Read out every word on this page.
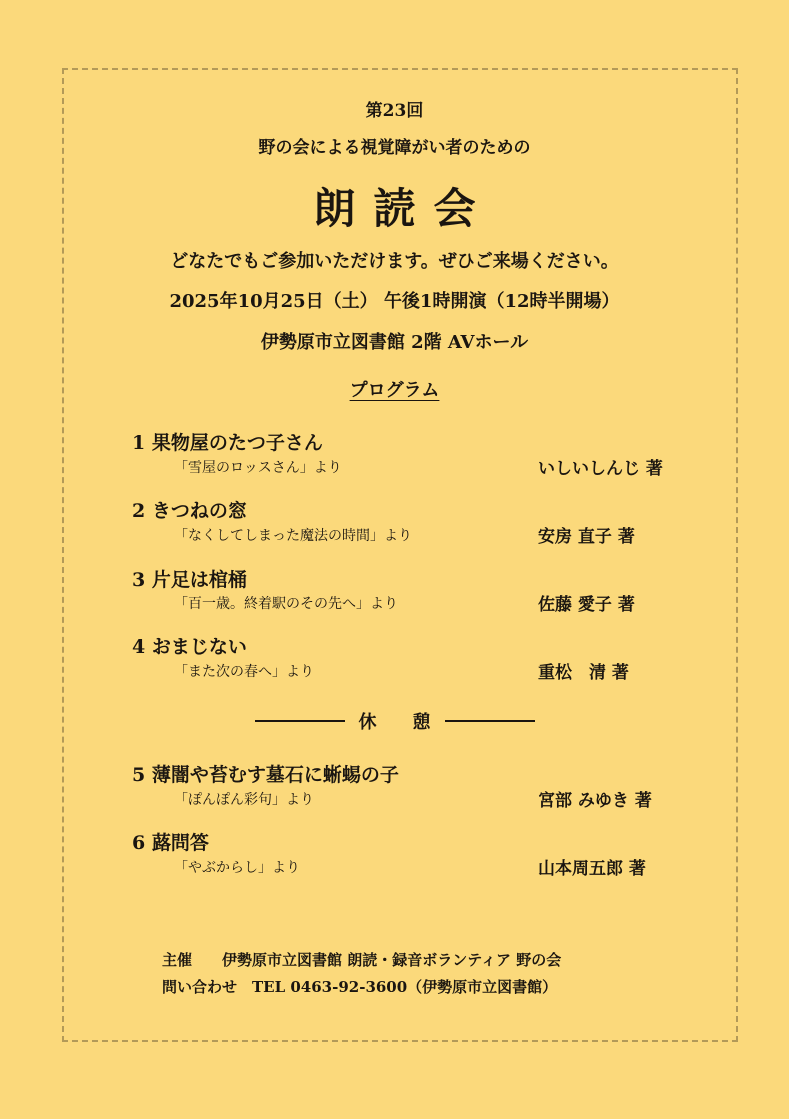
第23回
野の会による視覚障がい者のための
朗読会
どなたでもご参加いただけます。ぜひご来場ください。
2025年10月25日（土） 午後1時開演（12時半開場）
伊勢原市立図書館 2階 AVホール
プログラム
1 果物屋のたつ子さん
「雪屋のロッスさん」より	いしいしんじ 著
2 きつねの窓
「なくしてしまった魔法の時間」より	安房 直子 著
3 片足は棺桶
「百一歳。終着駅のその先へ」より	佐藤 愛子 著
4 おまじない
「また次の春へ」より	重松　清 著
休　　憩
5 薄闇や苔むす墓石に蜥蜴の子
「ぽんぽん彩句」より	宮部 みゆき 著
6 蕗問答
「やぶからし」より	山本周五郎 著
主催　　伊勢原市立図書館 朗読・録音ボランティア 野の会
問い合わせ　TEL 0463-92-3600（伊勢原市立図書館）
